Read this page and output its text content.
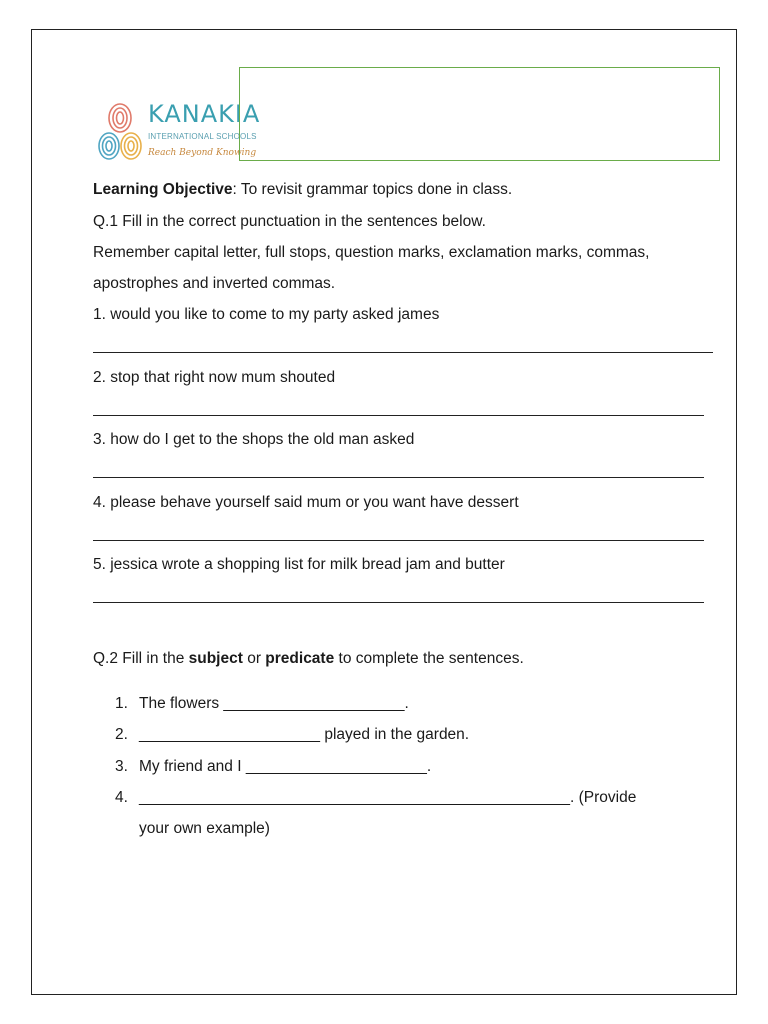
KANAKIA
INTERNATIONAL SCHOOLS
Reach Beyond Knowing
Learning Objective: To revisit grammar topics done in class.
Q.1 Fill in the correct punctuation in the sentences below.
Remember capital letter, full stops, question marks, exclamation marks, commas,
apostrophes and inverted commas.
1. would you like to come to my party asked james
2. stop that right now mum shouted
3. how do I get to the shops the old man asked
4. please behave yourself said mum or you want have dessert
5. jessica wrote a shopping list for milk bread jam and butter
Q.2 Fill in the subject or predicate to complete the sentences.
1. The flowers _____________________.
2. _____________________ played in the garden.
3. My friend and I _____________________.
4. __________________________________________________. (Provide
your own example)
